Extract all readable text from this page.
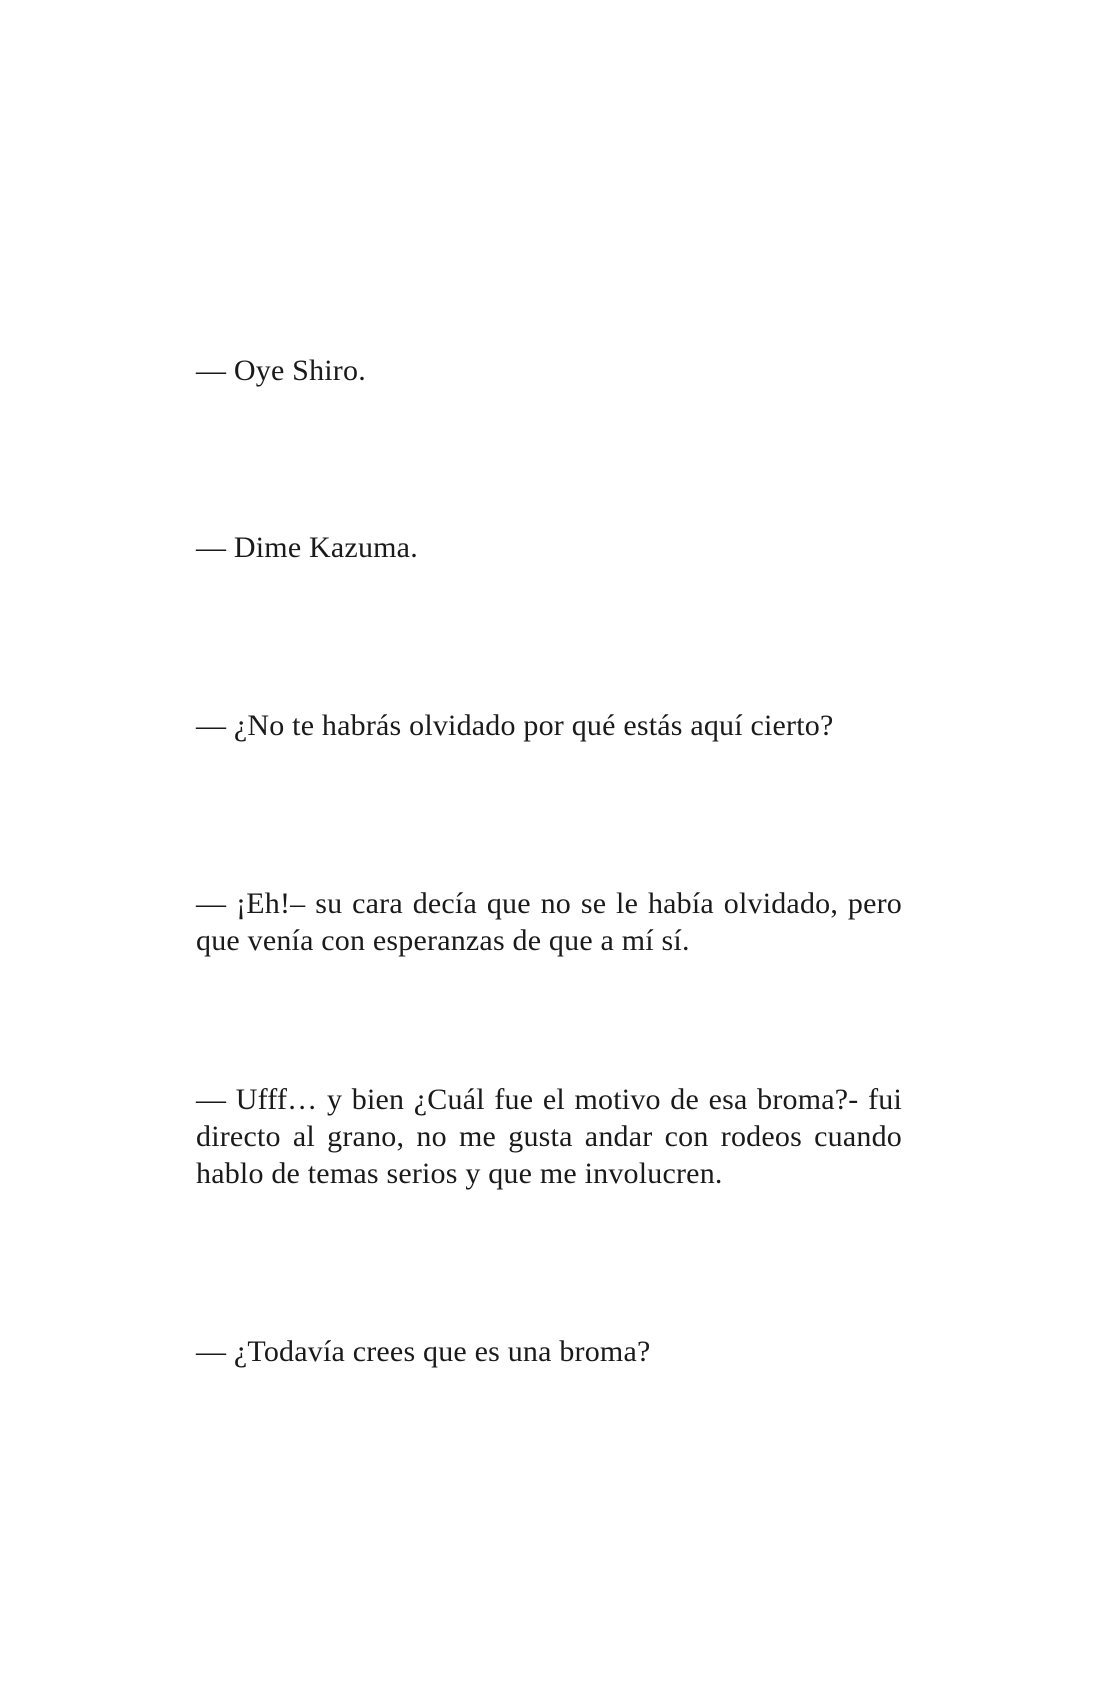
— Oye Shiro.

— Dime Kazuma.

— ¿No te habrás olvidado por qué estás aquí cierto?

— ¡Eh!– su cara decía que no se le había olvidado, pero que venía con esperanzas de que a mí sí.

— Ufff… y bien ¿Cuál fue el motivo de esa broma?- fui directo al grano, no me gusta andar con rodeos cuando hablo de temas serios y que me involucren.

— ¿Todavía crees que es una broma?
